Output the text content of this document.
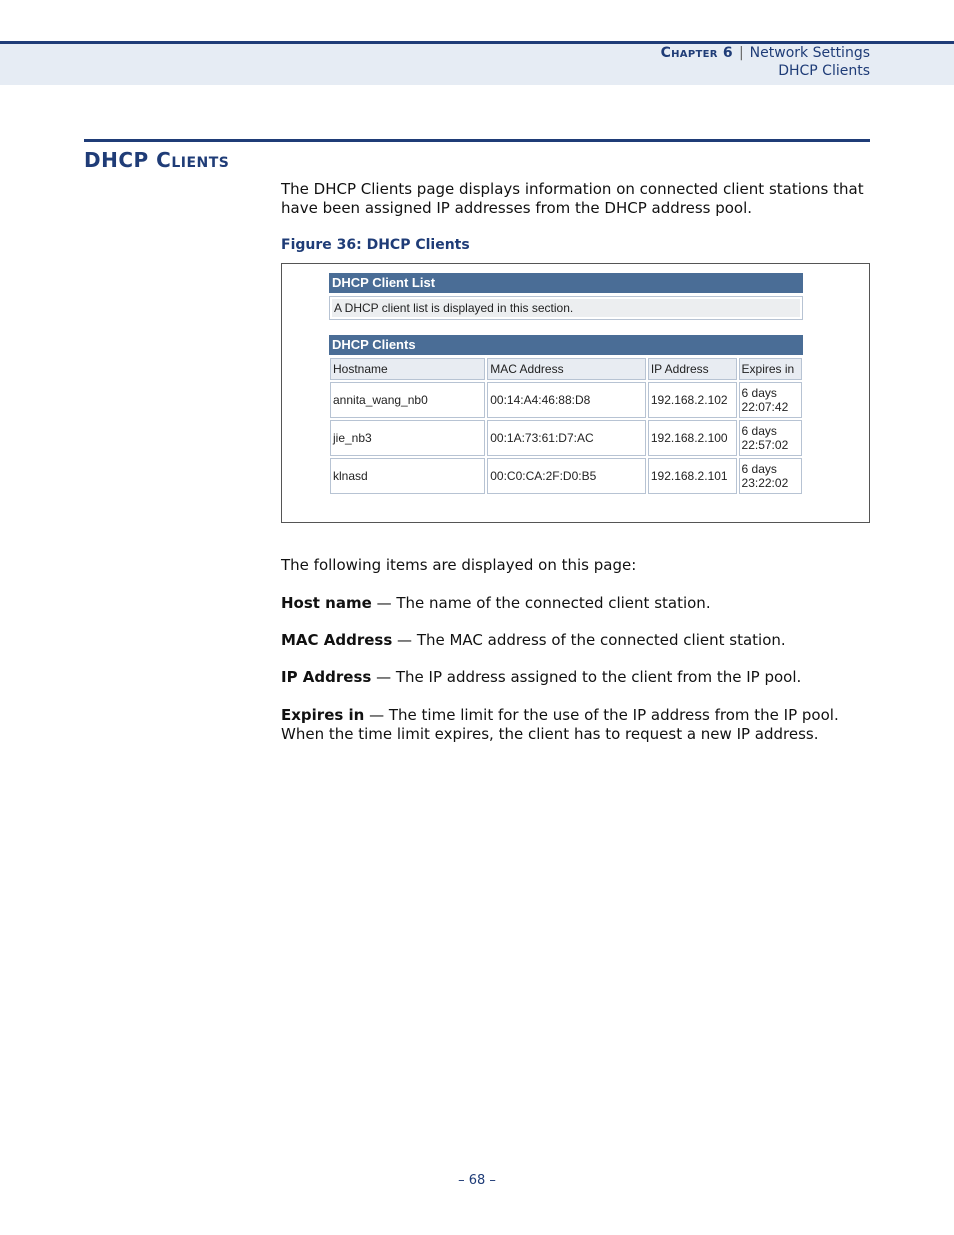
Chapter 6 | Network Settings
DHCP Clients
DHCP Clients
The DHCP Clients page displays information on connected client stations that have been assigned IP addresses from the DHCP address pool.
Figure 36: DHCP Clients
DHCP Client List
A DHCP client list is displayed in this section.
DHCP Clients
Hostname	MAC Address	IP Address	Expires in
annita_wang_nb0	00:14:A4:46:88:D8	192.168.2.102	6 days 22:07:42
jie_nb3	00:1A:73:61:D7:AC	192.168.2.100	6 days 22:57:02
klnasd	00:C0:CA:2F:D0:B5	192.168.2.101	6 days 23:22:02
The following items are displayed on this page:
Host name — The name of the connected client station.
MAC Address — The MAC address of the connected client station.
IP Address — The IP address assigned to the client from the IP pool.
Expires in — The time limit for the use of the IP address from the IP pool. When the time limit expires, the client has to request a new IP address.
– 68 –
